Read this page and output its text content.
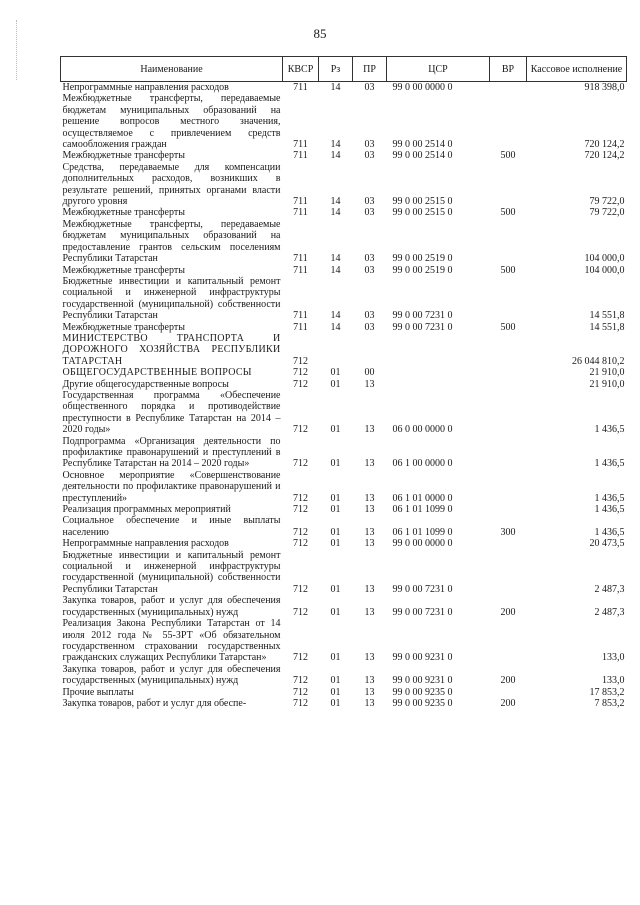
85
Наименование	КВСР	Рз	ПР	ЦСР	ВР	Кассовое исполнение
Непрограммные направления расходов	711	14	03	99 0 00 0000 0		918 398,0
Межбюджетные трансферты, передаваемые бюджетам муниципальных образований на решение вопросов местного значения, осуществляемое с привлечением средств самообложения граждан	711	14	03	99 0 00 2514 0		720 124,2
Межбюджетные трансферты	711	14	03	99 0 00 2514 0	500	720 124,2
Средства, передаваемые для компенсации дополнительных расходов, возникших в результате решений, принятых органами власти другого уровня	711	14	03	99 0 00 2515 0		79 722,0
Межбюджетные трансферты	711	14	03	99 0 00 2515 0	500	79 722,0
Межбюджетные трансферты, передаваемые бюджетам муниципальных образований на предоставление грантов сельским поселениям Республики Татарстан	711	14	03	99 0 00 2519 0		104 000,0
Межбюджетные трансферты	711	14	03	99 0 00 2519 0	500	104 000,0
Бюджетные инвестиции и капитальный ремонт социальной и инженерной инфраструктуры государственной (муниципальной) собственности Республики Татарстан	711	14	03	99 0 00 7231 0		14 551,8
Межбюджетные трансферты	711	14	03	99 0 00 7231 0	500	14 551,8
МИНИСТЕРСТВО ТРАНСПОРТА И ДОРОЖНОГО ХОЗЯЙСТВА РЕСПУБЛИКИ ТАТАРСТАН	712					26 044 810,2
ОБЩЕГОСУДАРСТВЕННЫЕ ВОПРОСЫ	712	01	00			21 910,0
Другие общегосударственные вопросы	712	01	13			21 910,0
Государственная программа «Обеспечение общественного порядка и противодействие преступности в Республике Татарстан на 2014 – 2020 годы»	712	01	13	06 0 00 0000 0		1 436,5
Подпрограмма «Организация деятельности по профилактике правонарушений и преступлений в Республике Татарстан на 2014 – 2020 годы»	712	01	13	06 1 00 0000 0		1 436,5
Основное мероприятие «Совершенствование деятельности по профилактике правонарушений и преступлений»	712	01	13	06 1 01 0000 0		1 436,5
Реализация программных мероприятий	712	01	13	06 1 01 1099 0		1 436,5
Социальное обеспечение и иные выплаты населению	712	01	13	06 1 01 1099 0	300	1 436,5
Непрограммные направления расходов	712	01	13	99 0 00 0000 0		20 473,5
Бюджетные инвестиции и капитальный ремонт социальной и инженерной инфраструктуры государственной (муниципальной) собственности Республики Татарстан	712	01	13	99 0 00 7231 0		2 487,3
Закупка товаров, работ и услуг для обеспечения государственных (муниципальных) нужд	712	01	13	99 0 00 7231 0	200	2 487,3
Реализация Закона Республики Татарстан от 14 июля 2012 года № 55-ЗРТ «Об обязательном государственном страховании государственных гражданских служащих Республики Татарстан»	712	01	13	99 0 00 9231 0		133,0
Закупка товаров, работ и услуг для обеспечения государственных (муниципальных) нужд	712	01	13	99 0 00 9231 0	200	133,0
Прочие выплаты	712	01	13	99 0 00 9235 0		17 853,2
Закупка товаров, работ и услуг для обеспе-	712	01	13	99 0 00 9235 0	200	7 853,2
